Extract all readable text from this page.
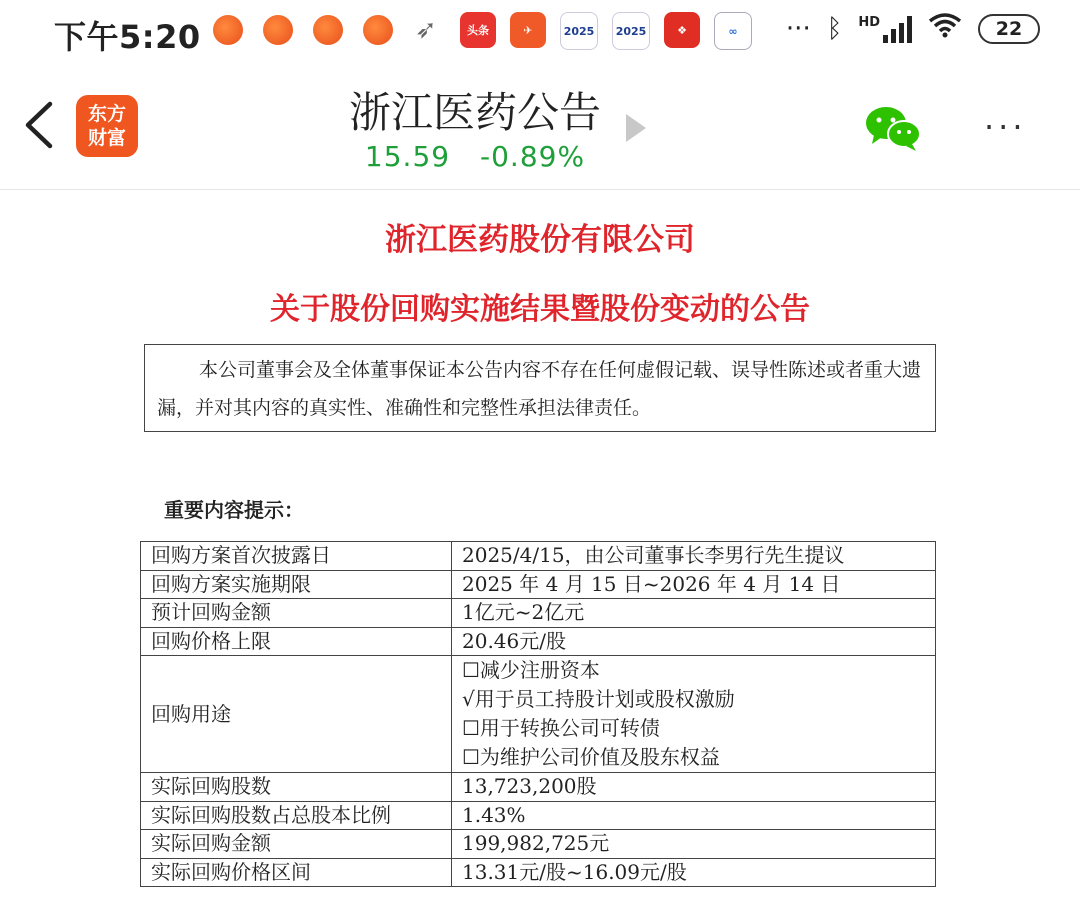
下午5:20	➶	头条	✈	2025 2025	❖	∞	··· ᛒ HD	22
东方
财富
浙江医药公告
15.59 -0.89%
···
浙江医药股份有限公司
关于股份回购实施结果暨股份变动的公告
本公司董事会及全体董事保证本公告内容不存在任何虚假记载、误导性陈述或者重大遗漏，并对其内容的真实性、准确性和完整性承担法律责任。
重要内容提示：
回购方案首次披露日	2025/4/15，由公司董事长李男行先生提议
回购方案实施期限	2025 年 4 月 15 日~2026 年 4 月 14 日
预计回购金额	1亿元~2亿元
回购价格上限	20.46元/股
回购用途	☐减少注册资本
√用于员工持股计划或股权激励
☐用于转换公司可转债
☐为维护公司价值及股东权益

实际回购股数	13,723,200股
实际回购股数占总股本比例	1.43%
实际回购金额	199,982,725元
实际回购价格区间	13.31元/股~16.09元/股
